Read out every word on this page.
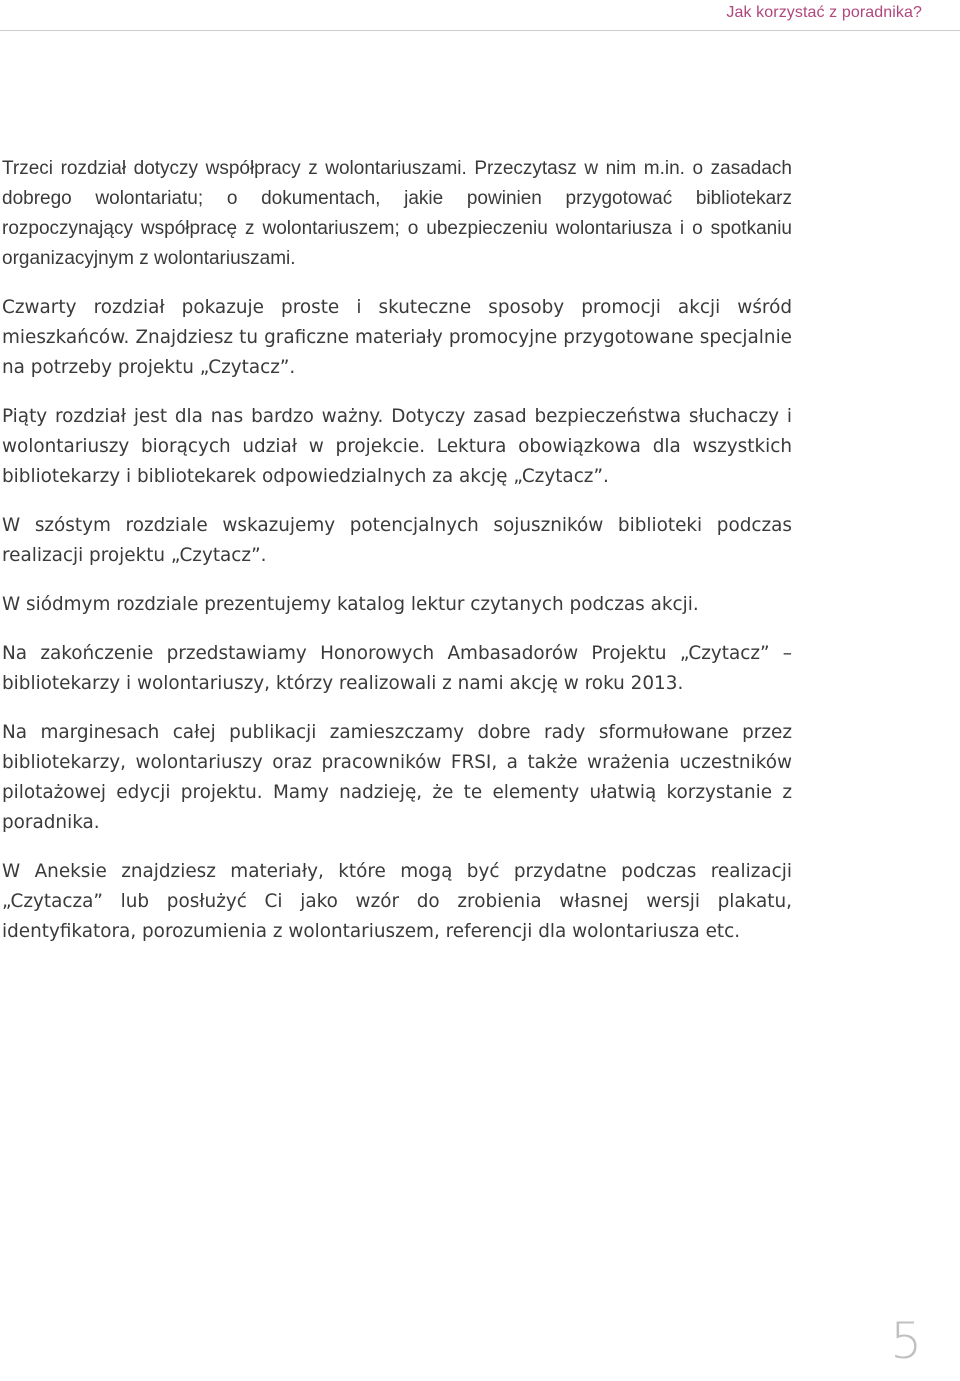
Jak korzystać z poradnika?

Trzeci rozdział dotyczy współpracy z wolontariuszami. Przeczytasz w nim m.in. o zasadach dobrego wolontariatu; o dokumentach, jakie powinien przygotować bibliotekarz rozpoczynający współpracę z wolontariuszem; o ubezpieczeniu wolontariusza i o spotkaniu organizacyjnym z wolontariuszami.

Czwarty rozdział pokazuje proste i skuteczne sposoby promocji akcji wśród mieszkańców. Znajdziesz tu graficzne materiały promocyjne przygotowane specjalnie na potrzeby projektu „Czytacz”.

Piąty rozdział jest dla nas bardzo ważny. Dotyczy zasad bezpieczeństwa słuchaczy i wolontariuszy biorących udział w projekcie. Lektura obowiązkowa dla wszystkich bibliotekarzy i bibliotekarek odpowiedzialnych za akcję „Czytacz”.

W szóstym rozdziale wskazujemy potencjalnych sojuszników biblioteki podczas realizacji projektu „Czytacz”.

W siódmym rozdziale prezentujemy katalog lektur czytanych podczas akcji.

Na zakończenie przedstawiamy Honorowych Ambasadorów Projektu „Czytacz” – bibliotekarzy i wolontariuszy, którzy realizowali z nami akcję w roku 2013.

Na marginesach całej publikacji zamieszczamy dobre rady sformułowane przez bibliotekarzy, wolontariuszy oraz pracowników FRSI, a także wrażenia uczestników pilotażowej edycji projektu. Mamy nadzieję, że te elementy ułatwią korzystanie z poradnika.

W Aneksie znajdziesz materiały, które mogą być przydatne podczas realizacji „Czytacza” lub posłużyć Ci jako wzór do zrobienia własnej wersji plakatu, identyfikatora, porozumienia z wolontariuszem, referencji dla wolontariusza etc.

5
